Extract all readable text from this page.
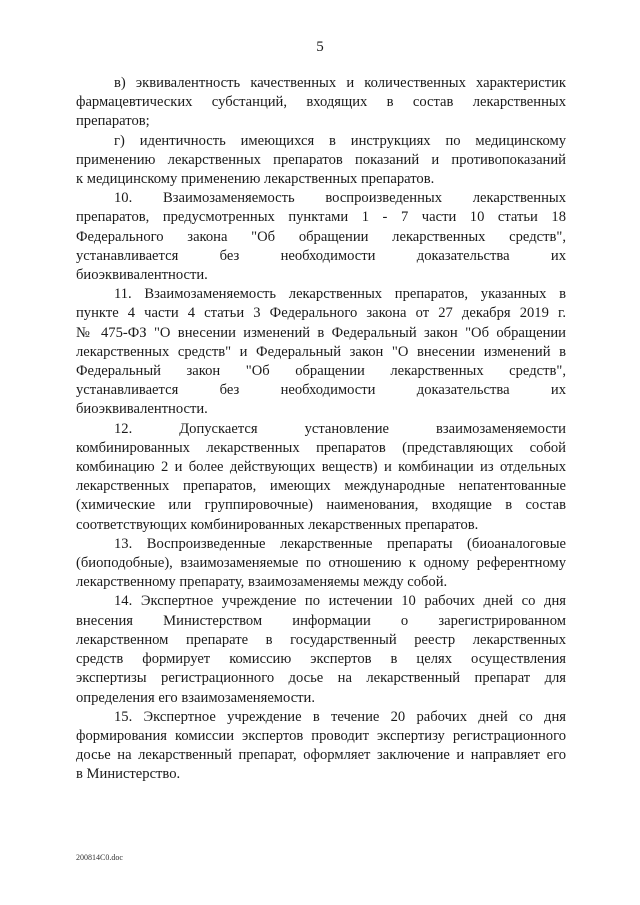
5

в) эквивалентность качественных и количественных характеристик
фармацевтических субстанций, входящих в состав лекарственных
препаратов;

г) идентичность имеющихся в инструкциях по медицинскому
применению лекарственных препаратов показаний и противопоказаний
к медицинскому применению лекарственных препаратов.

10. Взаимозаменяемость воспроизведенных лекарственных
препаратов, предусмотренных пунктами 1 - 7 части 10 статьи 18
Федерального закона "Об обращении лекарственных средств",
устанавливается без необходимости доказательства их
биоэквивалентности.

11. Взаимозаменяемость лекарственных препаратов, указанных в
пункте 4 части 4 статьи 3 Федерального закона от 27 декабря 2019 г.
№ 475-ФЗ "О внесении изменений в Федеральный закон "Об обращении
лекарственных средств" и Федеральный закон "О внесении изменений в
Федеральный закон "Об обращении лекарственных средств",
устанавливается без необходимости доказательства их
биоэквивалентности.

12. Допускается установление взаимозаменяемости
комбинированных лекарственных препаратов (представляющих собой
комбинацию 2 и более действующих веществ) и комбинации из отдельных
лекарственных препаратов, имеющих международные непатентованные
(химические или группировочные) наименования, входящие в состав
соответствующих комбинированных лекарственных препаратов.

13. Воспроизведенные лекарственные препараты (биоаналоговые
(биоподобные), взаимозаменяемые по отношению к одному референтному
лекарственному препарату, взаимозаменяемы между собой.

14. Экспертное учреждение по истечении 10 рабочих дней со дня
внесения Министерством информации о зарегистрированном
лекарственном препарате в государственный реестр лекарственных
средств формирует комиссию экспертов в целях осуществления
экспертизы регистрационного досье на лекарственный препарат для
определения его взаимозаменяемости.

15. Экспертное учреждение в течение 20 рабочих дней со дня
формирования комиссии экспертов проводит экспертизу регистрационного
досье на лекарственный препарат, оформляет заключение и направляет его
в Министерство.

200814С0.doc
